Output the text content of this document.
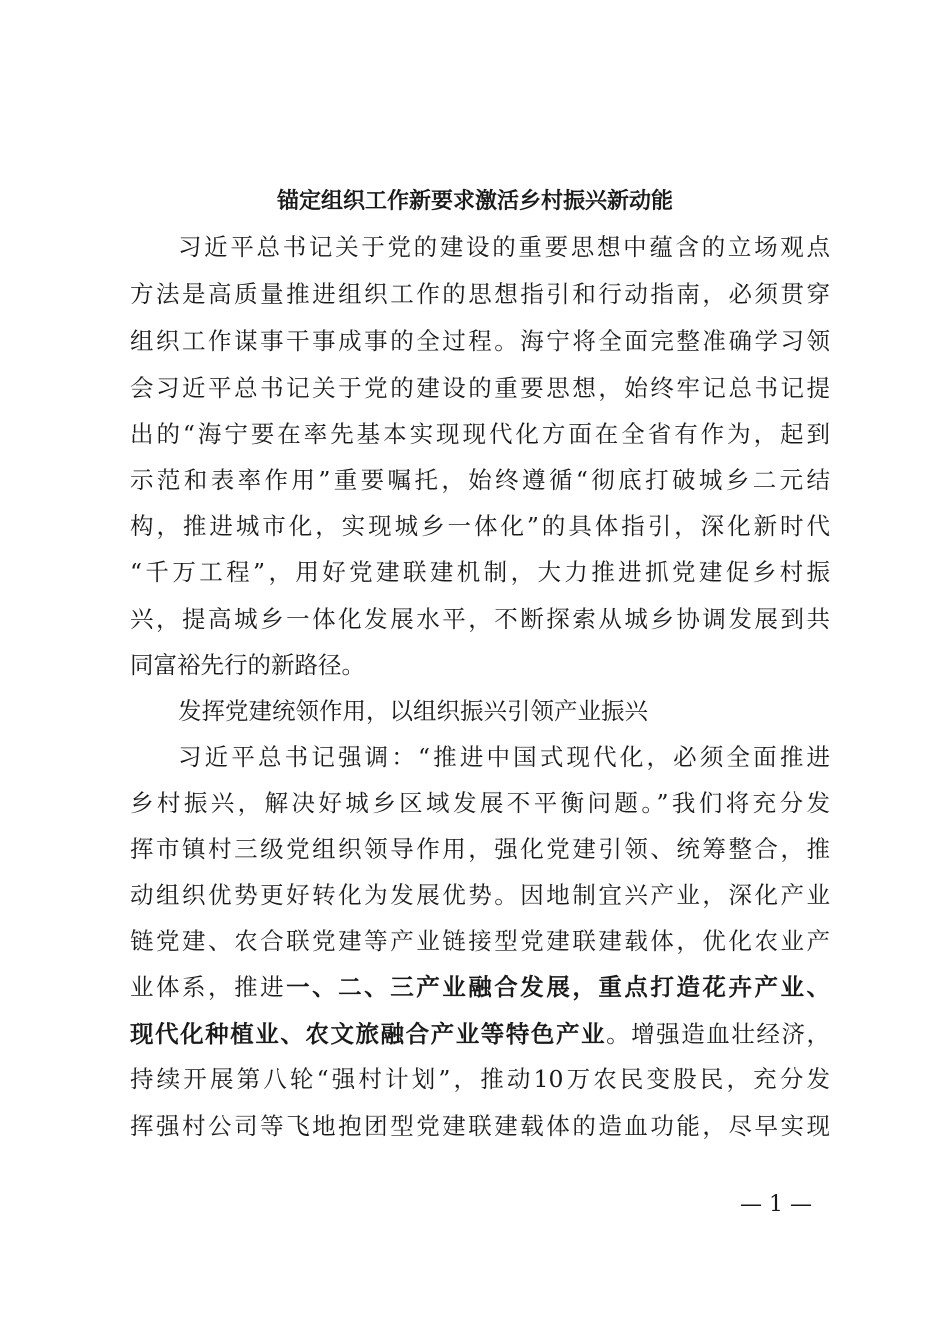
锚定组织工作新要求激活乡村振兴新动能
习近平总书记关于党的建设的重要思想中蕴含的立场观点
方法是高质量推进组织工作的思想指引和行动指南，必须贯穿
组织工作谋事干事成事的全过程。海宁将全面完整准确学习领
会习近平总书记关于党的建设的重要思想，始终牢记总书记提
出的“海宁要在率先基本实现现代化方面在全省有作为，起到
示范和表率作用”重要嘱托，始终遵循“彻底打破城乡二元结
构，推进城市化，实现城乡一体化”的具体指引，深化新时代
“千万工程”，用好党建联建机制，大力推进抓党建促乡村振
兴，提高城乡一体化发展水平，不断探索从城乡协调发展到共
同富裕先行的新路径。
发挥党建统领作用，以组织振兴引领产业振兴
习近平总书记强调：“推进中国式现代化，必须全面推进
乡村振兴，解决好城乡区域发展不平衡问题。”我们将充分发
挥市镇村三级党组织领导作用，强化党建引领、统筹整合，推
动组织优势更好转化为发展优势。因地制宜兴产业，深化产业
链党建、农合联党建等产业链接型党建联建载体，优化农业产
业体系，推进一、二、三产业融合发展，重点打造花卉产业、
现代化种植业、农文旅融合产业等特色产业。增强造血壮经济，
持续开展第八轮“强村计划”，推动10万农民变股民，充分发
挥强村公司等飞地抱团型党建联建载体的造血功能，尽早实现
— 1 —
